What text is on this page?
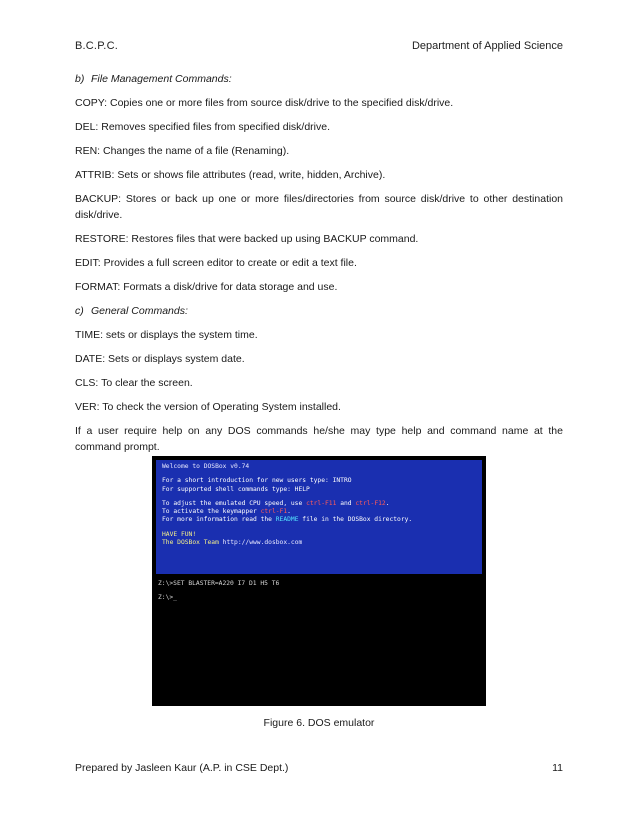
B.C.P.C.	Department of Applied Science

b) File Management Commands:

COPY: Copies one or more files from source disk/drive to the specified disk/drive.

DEL: Removes specified files from specified disk/drive.

REN: Changes the name of a file (Renaming).

ATTRIB: Sets or shows file attributes (read, write, hidden, Archive).

BACKUP: Stores or back up one or more files/directories from source disk/drive to other destination disk/drive.

RESTORE: Restores files that were backed up using BACKUP command.

EDIT: Provides a full screen editor to create or edit a text file.

FORMAT: Formats a disk/drive for data storage and use.

c) General Commands:

TIME: sets or displays the system time.

DATE: Sets or displays system date.

CLS: To clear the screen.

VER: To check the version of Operating System installed.

If a user require help on any DOS commands he/she may type help and command name at the command prompt.

Welcome to DOSBox v0.74
For a short introduction for new users type: INTRO
For supported shell commands type: HELP
To adjust the emulated CPU speed, use ctrl-F11 and ctrl-F12.
To activate the keymapper ctrl-F1.
For more information read the README file in the DOSBox directory.
HAVE FUN!
The DOSBox Team http://www.dosbox.com
Z:\>SET BLASTER=A220 I7 D1 H5 T6
Z:\>_
Figure 6. DOS emulator
Prepared by Jasleen Kaur (A.P. in CSE Dept.)	11
